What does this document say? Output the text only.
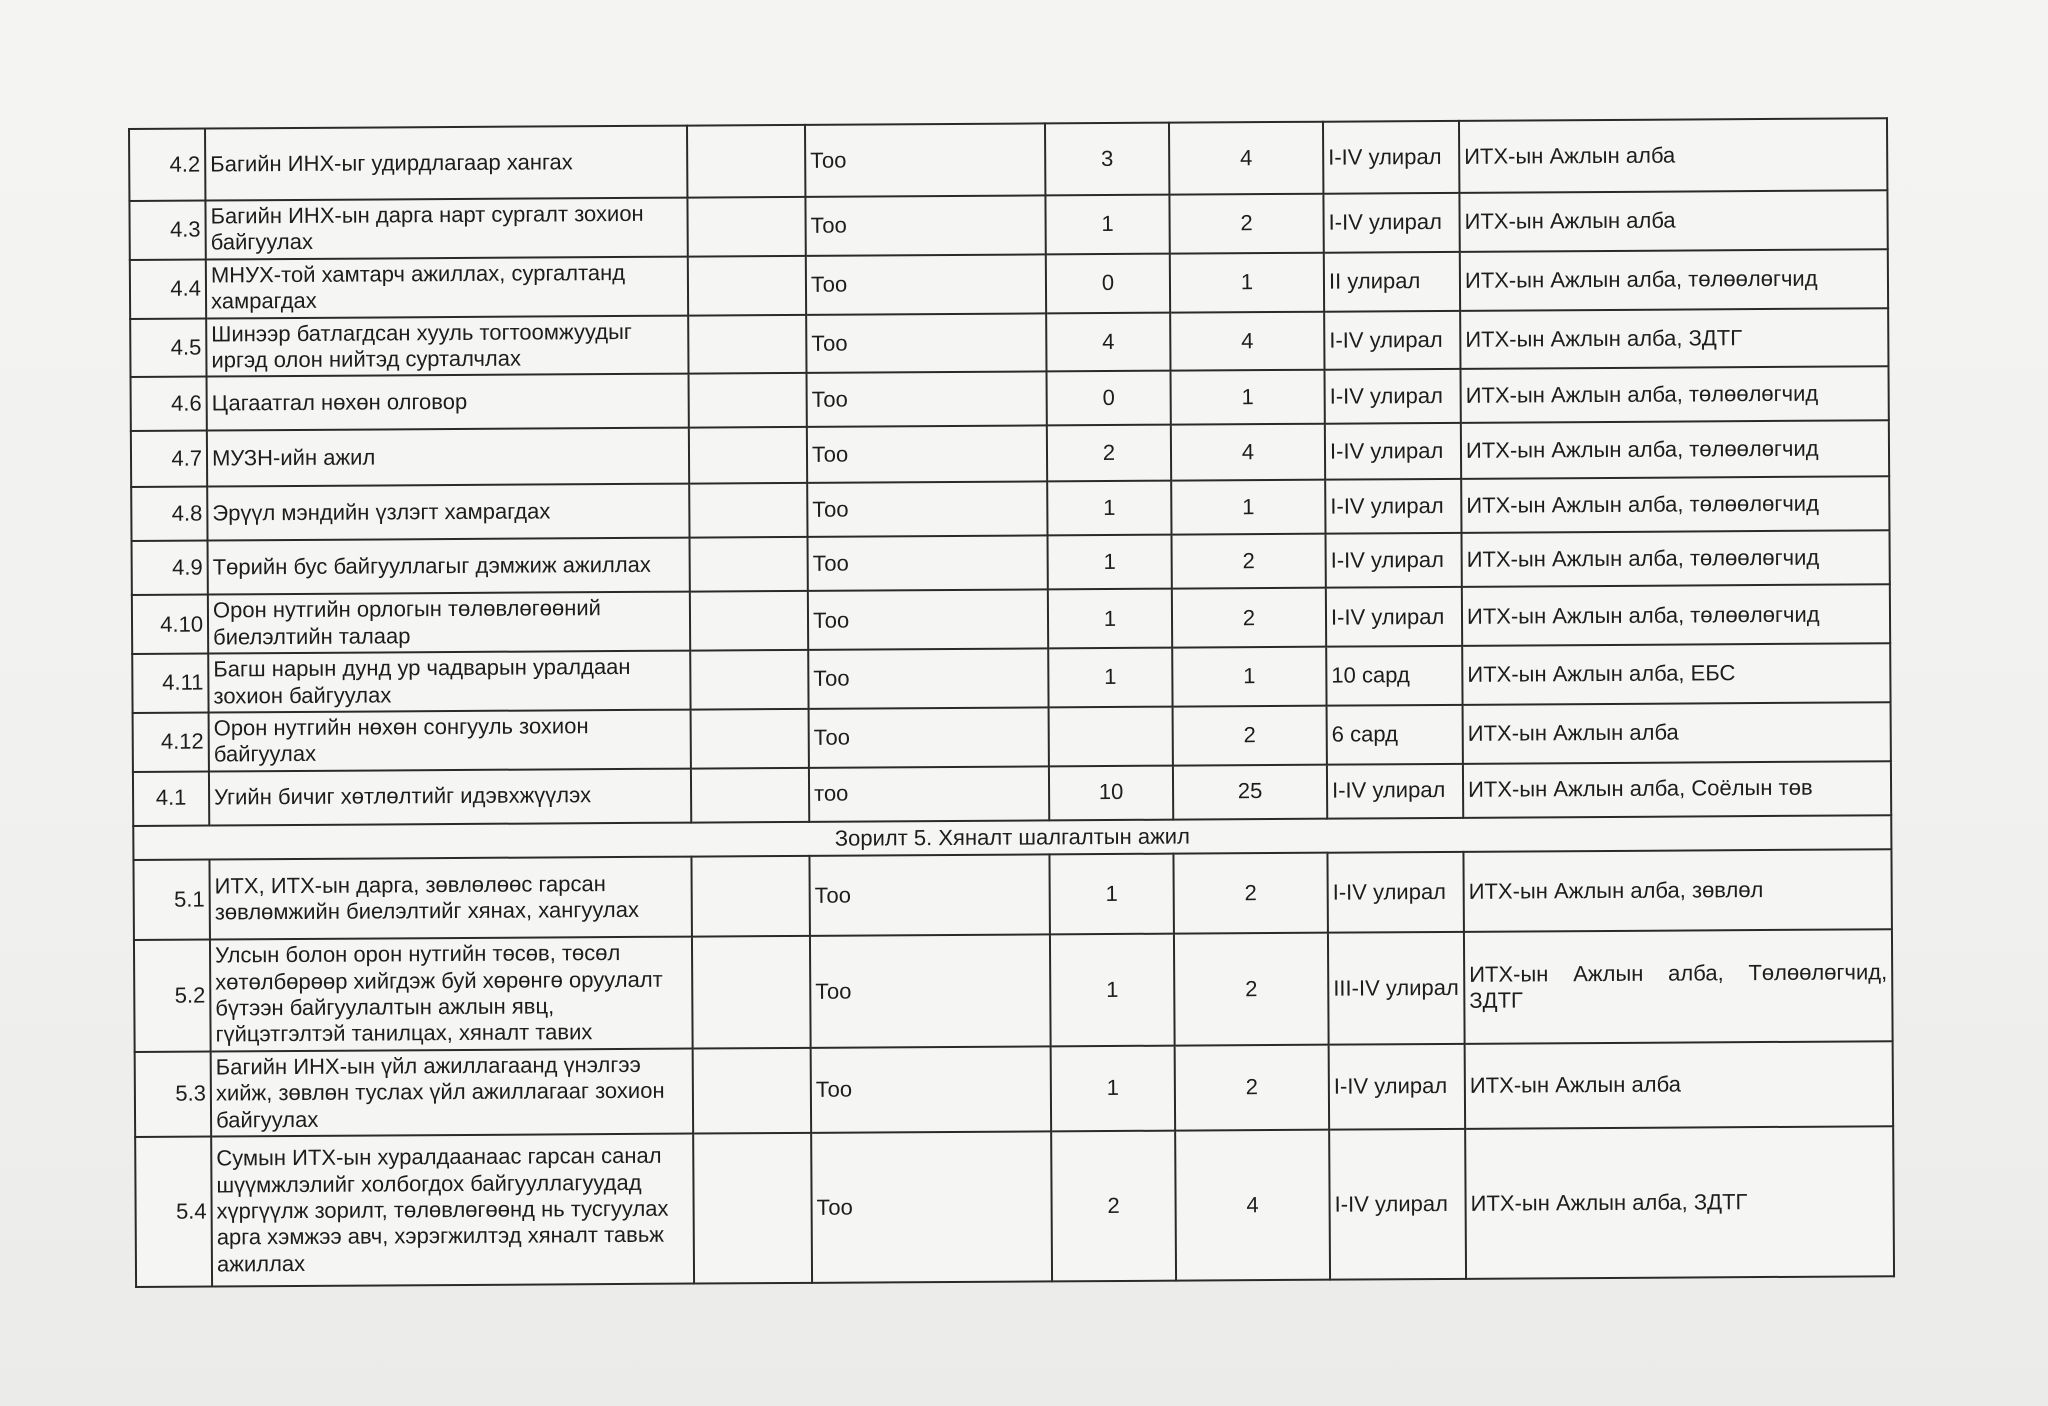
4.2	Багийн ИНХ-ыг удирдлагаар хангах		Тоо	3	4	I-IV улирал	ИТХ-ын Ажлын алба
4.3	Багийн ИНХ-ын дарга нарт сургалт зохион байгуулах		Тоо	1	2	I-IV улирал	ИТХ-ын Ажлын алба
4.4	МНУХ-той хамтарч ажиллах, сургалтанд хамрагдах		Тоо	0	1	II улирал	ИТХ-ын Ажлын алба, төлөөлөгчид
4.5	Шинээр батлагдсан хууль тогтоомжуудыг иргэд олон нийтэд сурталчлах		Тоо	4	4	I-IV улирал	ИТХ-ын Ажлын алба, ЗДТГ
4.6	Цагаатгал нөхөн олговор		Тоо	0	1	I-IV улирал	ИТХ-ын Ажлын алба, төлөөлөгчид
4.7	МУЗН-ийн ажил		Тоо	2	4	I-IV улирал	ИТХ-ын Ажлын алба, төлөөлөгчид
4.8	Эрүүл мэндийн үзлэгт хамрагдах		Тоо	1	1	I-IV улирал	ИТХ-ын Ажлын алба, төлөөлөгчид
4.9	Төрийн бус байгууллагыг дэмжиж ажиллах		Тоо	1	2	I-IV улирал	ИТХ-ын Ажлын алба, төлөөлөгчид
4.10	Орон нутгийн орлогын төлөвлөгөөний биелэлтийн талаар		Тоо	1	2	I-IV улирал	ИТХ-ын Ажлын алба, төлөөлөгчид
4.11	Багш нарын дунд ур чадварын уралдаан зохион байгуулах		Тоо	1	1	10 сард	ИТХ-ын Ажлын алба, ЕБС
4.12	Орон нутгийн нөхөн сонгууль зохион байгуулах		Тоо		2	6 сард	ИТХ-ын Ажлын алба
4.1	Угийн бичиг хөтлөлтийг идэвхжүүлэх		тоо	10	25	I-IV улирал	ИТХ-ын Ажлын алба, Соёлын төв
Зорилт 5. Хяналт шалгалтын ажил							
5.1	ИТХ, ИТХ-ын дарга, зөвлөлөөс гарсан зөвлөмжийн биелэлтийг хянах, хангуулах		Тоо	1	2	I-IV улирал	ИТХ-ын Ажлын алба, зөвлөл
5.2	Улсын болон орон нутгийн төсөв, төсөл хөтөлбөрөөр хийгдэж буй хөрөнгө оруулалт бүтээн байгуулалтын ажлын явц, гүйцэтгэлтэй танилцах, хяналт тавих		Тоо	1	2	III-IV улирал	ИТХ-ын Ажлын алба, Төлөөлөгчид, ЗДТГ
5.3	Багийн ИНХ-ын үйл ажиллагаанд үнэлгээ хийж, зөвлөн туслах үйл ажиллагааг зохион байгуулах		Тоо	1	2	I-IV улирал	ИТХ-ын Ажлын алба
5.4	Сумын ИТХ-ын хуралдаанаас гарсан санал шүүмжлэлийг холбогдох байгууллагуудад хүргүүлж зорилт, төлөвлөгөөнд нь тусгуулах арга хэмжээ авч, хэрэгжилтэд хяналт тавьж ажиллах		Тоо	2	4	I-IV улирал	ИТХ-ын Ажлын алба, ЗДТГ
